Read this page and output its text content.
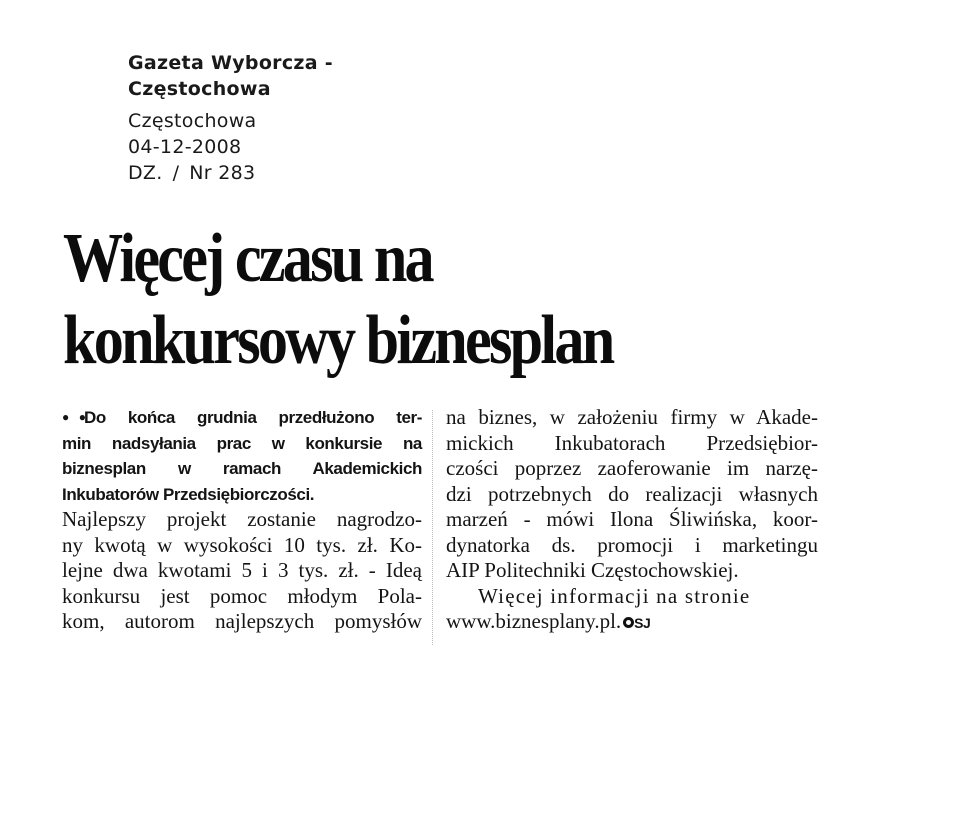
Gazeta Wyborcza -
Częstochowa
Częstochowa
04-12-2008
DZ. / Nr 283
Więcej czasu na
konkursowy biznesplan
●●Do końca grudnia przedłużono ter-
min nadsyłania prac w konkursie na
biznesplan w ramach Akademickich
Inkubatorów Przedsiębiorczości.
Najlepszy projekt zostanie nagrodzo-
ny kwotą w wysokości 10 tys. zł. Ko-
lejne dwa kwotami 5 i 3 tys. zł. - Ideą
konkursu jest pomoc młodym Pola-
kom, autorom najlepszych pomysłów
na biznes, w założeniu firmy w Akade-
mickich Inkubatorach Przedsiębior-
czości poprzez zaoferowanie im narzę-
dzi potrzebnych do realizacji własnych
marzeń - mówi Ilona Śliwińska, koor-
dynatorka ds. promocji i marketingu
AIP Politechniki Częstochowskiej.
Więcej informacji na stronie
www.biznesplany.pl. SJ
